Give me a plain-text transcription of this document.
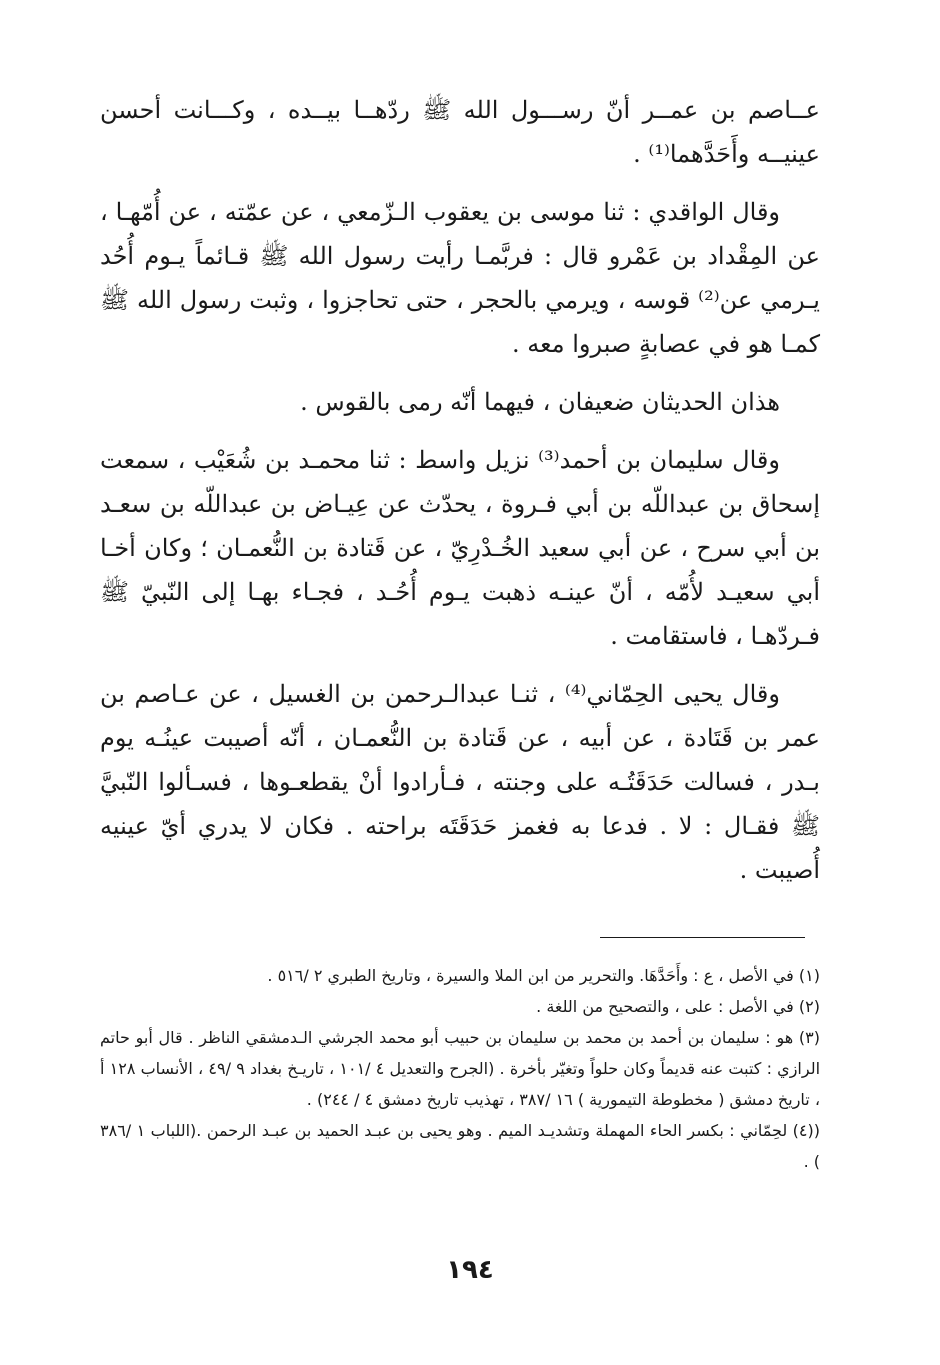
عــاصم بن عمــر أنّ رســـول الله ﷺ ردّهــا بيــده ، وكـــانت أحسن عينيــه وأَحَدَّهما⁽¹⁾ .

وقال الواقدي : ثنا موسى بن يعقوب الـزّمعي ، عن عمّته ، عن أُمّهـا ، عن المِقْداد بن عَمْرو قال : فربَّمـا رأيت رسول الله ﷺ قـائماً يـوم أُحُد يـرمي عن⁽²⁾ قوسه ، ويرمي بالحجر ، حتى تحاجزوا ، وثبت رسول الله ﷺ كمـا هو في عصابةٍ صبروا معه .

هذان الحديثان ضعيفان ، فيهما أنّه رمى بالقوس .

وقال سليمان بن أحمد⁽³⁾ نزيل واسط : ثنا محمـد بن شُعَيْب ، سمعت إسحاق بن عبداللّه بن أبي فـروة ، يحدّث عن عِيـاض بن عبداللّه بن سعـد بن أبي سرح ، عن أبي سعيد الخُـدْرِيّ ، عن قَتادة بن النُّعمـان ؛ وكان أخـا أبي سعيـد لأُمّه ، أنّ عينـه ذهبت يـوم أُحُـد ، فجـاء بهـا إلى النّبيّ ﷺ فـردّهـا ، فاستقامت .

وقال يحيى الحِمّاني⁽⁴⁾ ، ثنـا عبدالـرحمن بن الغسيل ، عن عـاصم بن عمر بن قَتَادة ، عن أبيه ، عن قَتادة بن النُّعمـان ، أنّه أصيبت عينُـه يوم بـدر ، فسالت حَدَقَتُـه على وجنته ، فـأرادوا أنْ يقطعـوها ، فسـألوا النّبيَّ ﷺ فقـال : لا . فدعا به فغمز حَدَقَتَه براحته . فكان لا يدري أيّ عينيه أُصيبت .

(١) في الأصل ، ع : وأَحَدَّهَا. والتحرير من ابن الملا والسيرة ، وتاريخ الطبري ٢ /٥١٦ .

(٢) في الأصل : على ، والتصحيح من اللغة .

(٣) هو : سليمان بن أحمد بن محمد بن سليمان بن حبيب أبو محمد الجرشي الـدمشقي الناظر . قال أبو حاتم الرازي : كتبت عنه قديماً وكان حلواً وتغيّر بأخرة . (الجرح والتعديل ٤ /١٠١ ، تاريـخ بغداد ٩ /٤٩ ، الأنساب ١٢٨ أ ، تاريخ دمشق ( مخطوطة التيمورية ) ١٦ /٣٨٧ ، تهذيب تاريخ دمشق ٤ / ٢٤٤) .

((٤) لحِمّاني : بكسر الحاء المهملة وتشديـد الميم . وهو يحيى بن عبـد الحميد بن عبـد الرحمن .(اللباب ١ /٣٨٦ ) .

١٩٤
